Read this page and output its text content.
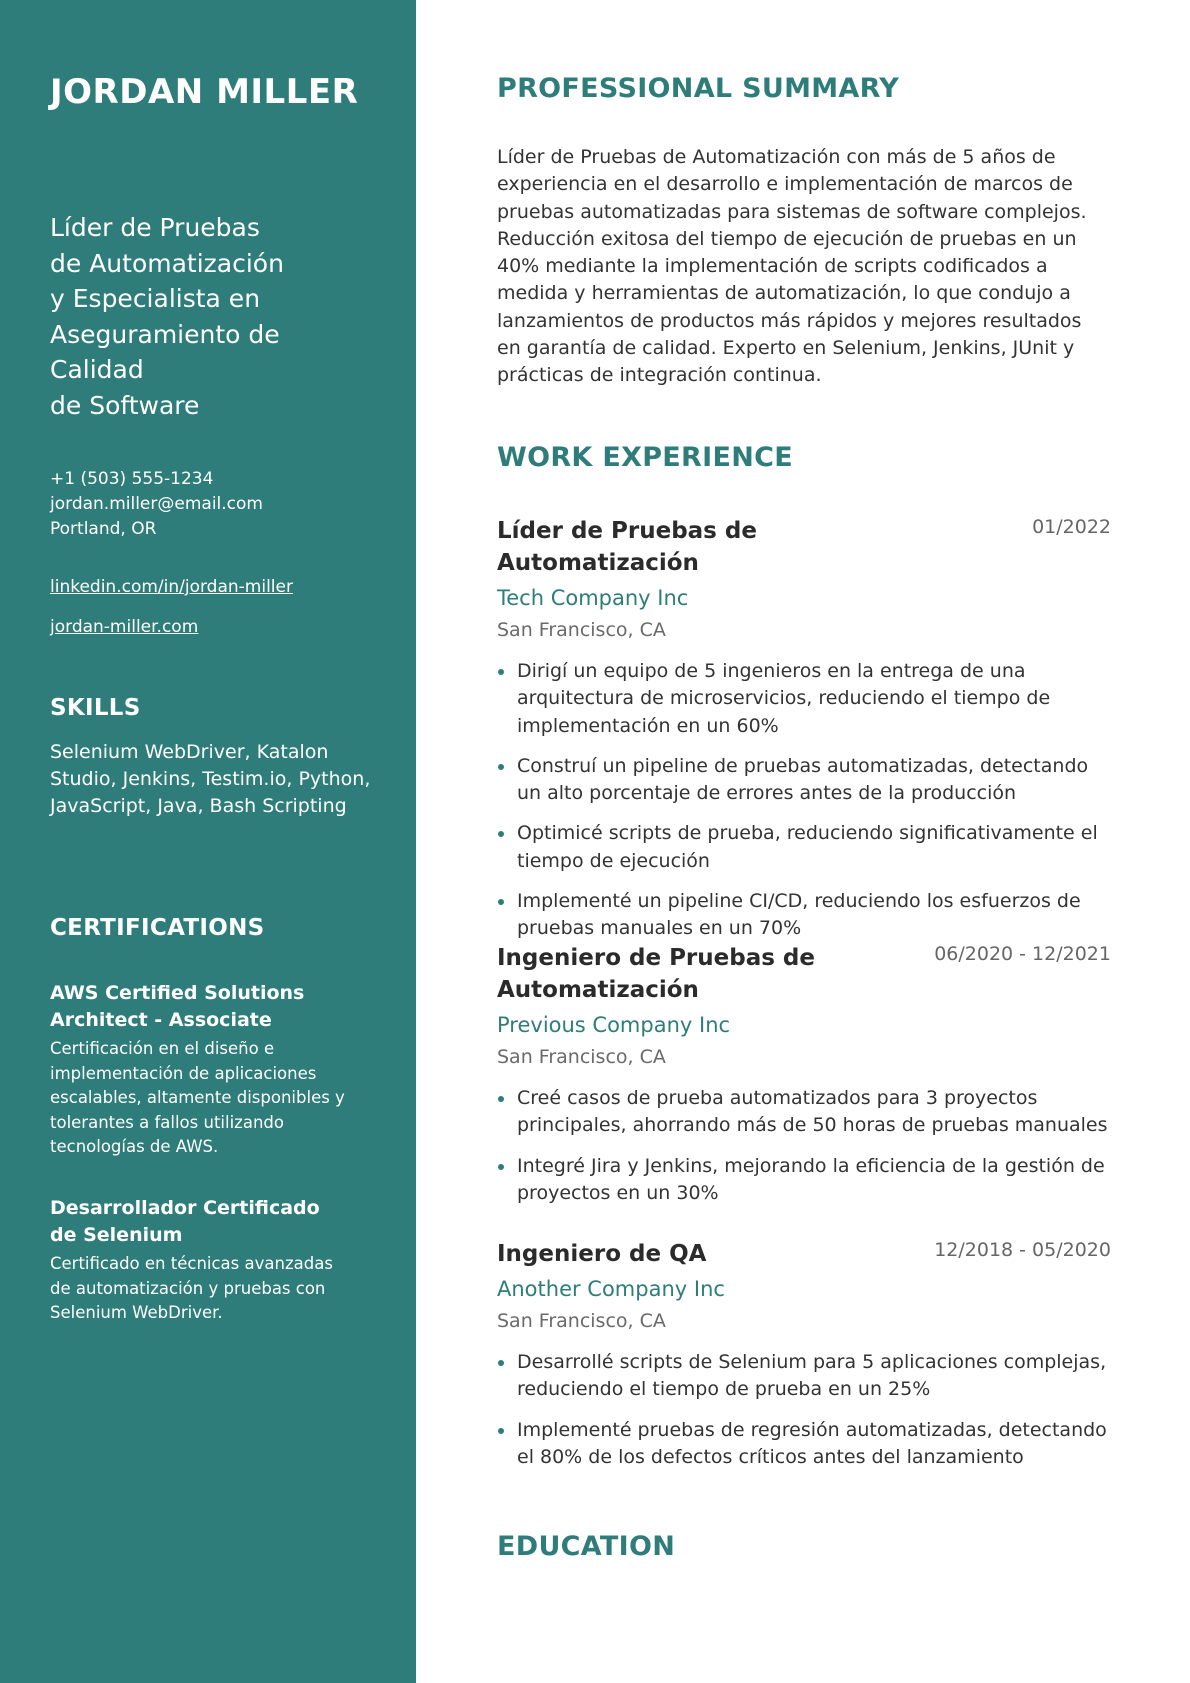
JORDAN MILLER

Líder de Pruebas
de Automatización
y Especialista en
Aseguramiento de Calidad
de Software

+1 (503) 555-1234
jordan.miller@email.com
Portland, OR
linkedin.com/in/jordan-miller
jordan-miller.com
SKILLS
Selenium WebDriver, Katalon Studio, Jenkins, Testim.io, Python, JavaScript, Java, Bash Scripting
CERTIFICATIONS
AWS Certified Solutions Architect - Associate
Certificación en el diseño e implementación de aplicaciones escalables, altamente disponibles y tolerantes a fallos utilizando tecnologías de AWS.
Desarrollador Certificado de Selenium
Certificado en técnicas avanzadas de automatización y pruebas con Selenium WebDriver.
PROFESSIONAL SUMMARY

Líder de Pruebas de Automatización con más de 5 años de experiencia en el desarrollo e implementación de marcos de pruebas automatizadas para sistemas de software complejos. Reducción exitosa del tiempo de ejecución de pruebas en un 40% mediante la implementación de scripts codificados a medida y herramientas de automatización, lo que condujo a lanzamientos de productos más rápidos y mejores resultados en garantía de calidad. Experto en Selenium, Jenkins, JUnit y prácticas de integración continua.

WORK EXPERIENCE
Líder de Pruebas de Automatización
01/2022
Tech Company Inc
San Francisco, CA
Dirigí un equipo de 5 ingenieros en la entrega de una arquitectura de microservicios, reduciendo el tiempo de implementación en un 60%
Construí un pipeline de pruebas automatizadas, detectando un alto porcentaje de errores antes de la producción
Optimicé scripts de prueba, reduciendo significativamente el tiempo de ejecución
Implementé un pipeline CI/CD, reduciendo los esfuerzos de pruebas manuales en un 70%
Ingeniero de Pruebas de Automatización
06/2020 - 12/2021
Previous Company Inc
San Francisco, CA
Creé casos de prueba automatizados para 3 proyectos principales, ahorrando más de 50 horas de pruebas manuales
Integré Jira y Jenkins, mejorando la eficiencia de la gestión de proyectos en un 30%
Ingeniero de QA	12/2018 - 05/2020
Another Company Inc
San Francisco, CA
Desarrollé scripts de Selenium para 5 aplicaciones complejas, reduciendo el tiempo de prueba en un 25%
Implementé pruebas de regresión automatizadas, detectando el 80% de los defectos críticos antes del lanzamiento
EDUCATION
